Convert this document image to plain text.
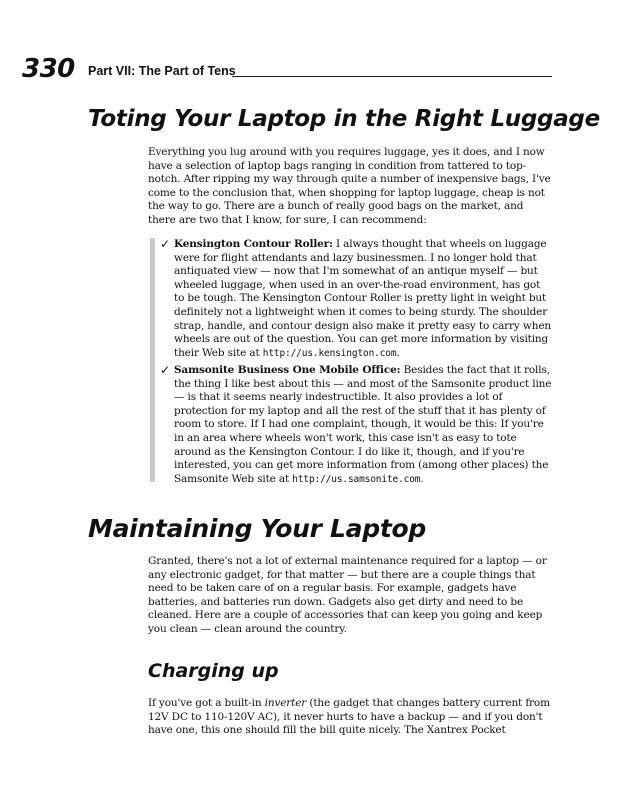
330 Part VII: The Part of Tens
Toting Your Laptop in the Right Luggage

Everything you lug around with you requires luggage, yes it does, and I now have a selection of laptop bags ranging in condition from tattered to top-notch. After ripping my way through quite a number of inexpensive bags, I've come to the conclusion that, when shopping for laptop luggage, cheap is not the way to go. There are a bunch of really good bags on the market, and there are two that I know, for sure, I can recommend:

✓ Kensington Contour Roller: I always thought that wheels on luggage were for flight attendants and lazy businessmen. I no longer hold that antiquated view — now that I'm somewhat of an antique myself — but wheeled luggage, when used in an over-the-road environment, has got to be tough. The Kensington Contour Roller is pretty light in weight but definitely not a lightweight when it comes to being sturdy. The shoulder strap, handle, and contour design also make it pretty easy to carry when wheels are out of the question. You can get more information by visiting their Web site at http://us.kensington.com.
✓ Samsonite Business One Mobile Office: Besides the fact that it rolls, the thing I like best about this — and most of the Samsonite product line — is that it seems nearly indestructible. It also provides a lot of protection for my laptop and all the rest of the stuff that it has plenty of room to store. If I had one complaint, though, it would be this: If you're in an area where wheels won't work, this case isn't as easy to tote around as the Kensington Contour. I do like it, though, and if you're interested, you can get more information from (among other places) the Samsonite Web site at http://us.samsonite.com.
Maintaining Your Laptop

Granted, there's not a lot of external maintenance required for a laptop — or any electronic gadget, for that matter — but there are a couple things that need to be taken care of on a regular basis. For example, gadgets have batteries, and batteries run down. Gadgets also get dirty and need to be cleaned. Here are a couple of accessories that can keep you going and keep you clean — clean around the country.

Charging up

If you've got a built-in inverter (the gadget that changes battery current from 12V DC to 110-120V AC), it never hurts to have a backup — and if you don't have one, this one should fill the bill quite nicely. The Xantrex Pocket
